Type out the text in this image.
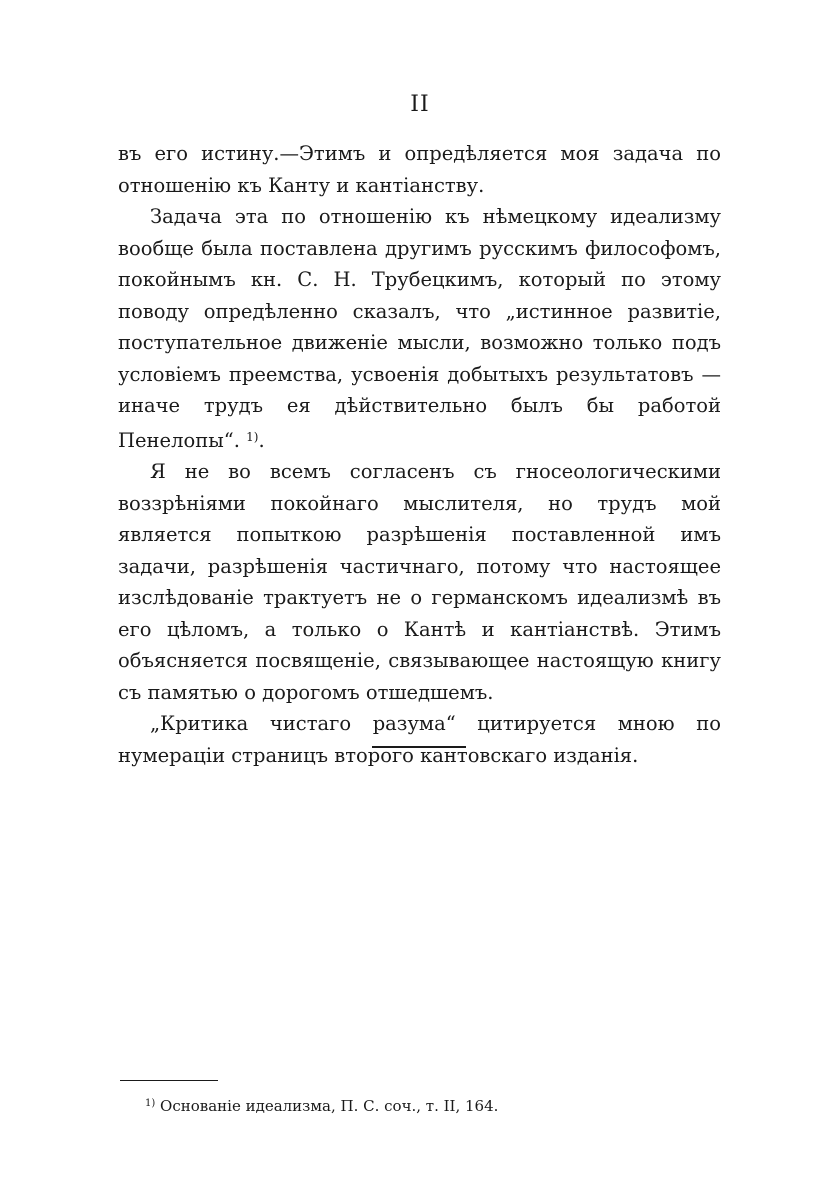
II

въ его истину.—Этимъ и опредѣляется моя задача по отношенію къ Канту и кантіанству.

Задача эта по отношенію къ нѣмецкому идеализму вообще была поставлена другимъ русскимъ философомъ, покойнымъ кн. С. Н. Трубецкимъ, который по этому поводу опредѣленно сказалъ, что „истинное развитіе, поступательное движеніе мысли, возможно только подъ условіемъ преемства, усвоенія добытыхъ результатовъ — иначе трудъ ея дѣйствительно былъ бы работой Пенелопы“. $^{1)}$.

Я не во всемъ согласенъ съ гносеологическими воззрѣніями покойнаго мыслителя, но трудъ мой является попыткою разрѣшенія поставленной имъ задачи, разрѣшенія частичнаго, потому что настоящее изслѣдованіе трактуетъ не о германскомъ идеализмѣ въ его цѣломъ, а только о Кантѣ и кантіанствѣ. Этимъ объясняется посвященіе, связывающее настоящую книгу съ памятью о дорогомъ отшедшемъ.

„Критика чистаго разума“ цитируется мною по нумераціи страницъ второго кантовскаго изданія.

$^{1)}$ Основаніе идеализма, П. С. соч., т. II, 164.
